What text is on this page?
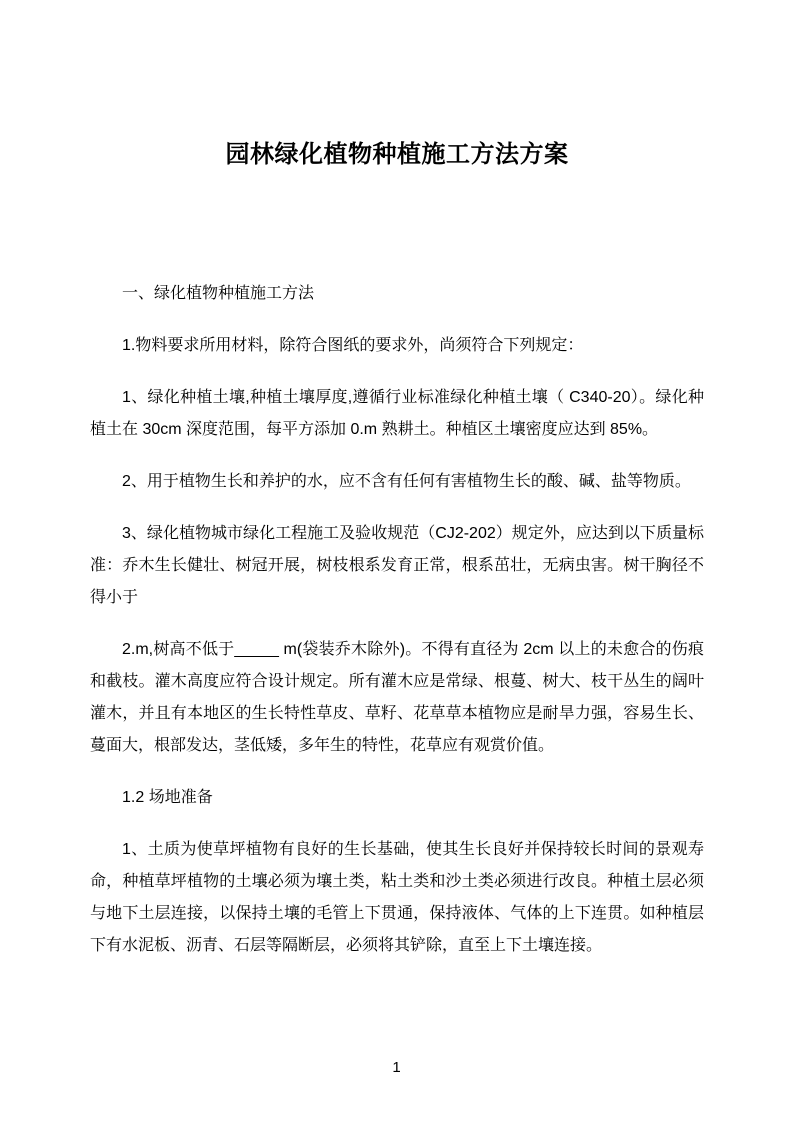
园林绿化植物种植施工方法方案

一、绿化植物种植施工方法

1.物料要求所用材料，除符合图纸的要求外，尚须符合下列规定：

1、绿化种植土壤,种植土壤厚度,遵循行业标准绿化种植土壤（ C340-20）。绿化种植土在 30cm 深度范围，每平方添加 0.m 熟耕土。种植区土壤密度应达到 85%。

2、用于植物生长和养护的水，应不含有任何有害植物生长的酸、碱、盐等物质。

3、绿化植物城市绿化工程施工及验收规范（CJ2-202）规定外，应达到以下质量标准：乔木生长健壮、树冠开展，树枝根系发育正常，根系茁壮，无病虫害。树干胸径不得小于

2.m,树高不低于_____ m(袋装乔木除外)。不得有直径为 2cm 以上的未愈合的伤痕和截枝。灌木高度应符合设计规定。所有灌木应是常绿、根蔓、树大、枝干丛生的阔叶灌木，并且有本地区的生长特性草皮、草籽、花草草本植物应是耐旱力强，容易生长、蔓面大，根部发达，茎低矮，多年生的特性，花草应有观赏价值。

1.2 场地准备

1、土质为使草坪植物有良好的生长基础，使其生长良好并保持较长时间的景观寿命，种植草坪植物的土壤必须为壤土类，粘土类和沙土类必须进行改良。种植土层必须与地下土层连接，以保持土壤的毛管上下贯通，保持液体、气体的上下连贯。如种植层下有水泥板、沥青、石层等隔断层，必须将其铲除，直至上下土壤连接。

1
